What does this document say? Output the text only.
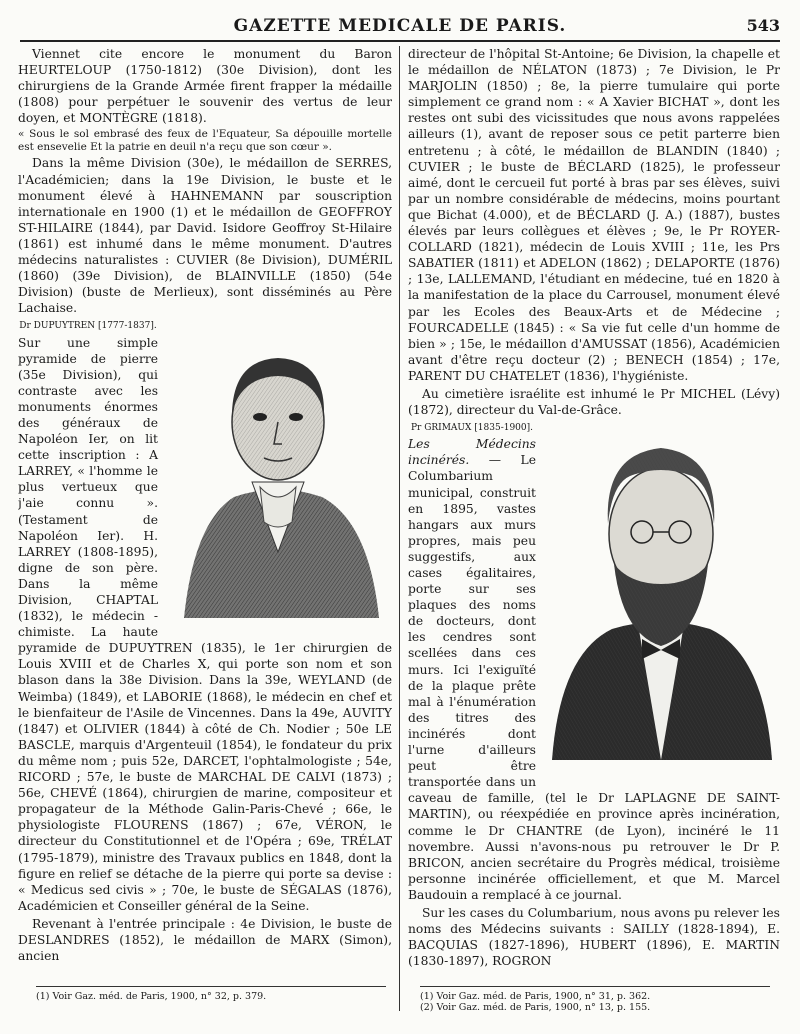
GAZETTE MEDICALE DE PARIS.	543

Viennet cite encore le monument du Baron HEURTELOUP (1750-1812) (30e Division), dont les chirurgiens de la Grande Armée firent frapper la médaille (1808) pour perpétuer le souvenir des vertus de leur doyen, et MONTÈGRE (1818).

« Sous le sol embrasé des feux de l'Equateur, Sa dépouille mortelle est ensevelie Et la patrie en deuil n'a reçu que son cœur ».

Dans la même Division (30e), le médaillon de SERRES, l'Académicien; dans la 19e Division, le buste et le monument élevé à HAHNEMANN par souscription internationale en 1900 (1) et le médaillon de GEOFFROY ST-HILAIRE (1844), par David. Isidore Geoffroy St-Hilaire (1861) est inhumé dans le même monument. D'autres médecins naturalistes : CUVIER (8e Division), DUMÉRIL (1860) (39e Division), de BLAINVILLE (1850) (54e Division) (buste de Merlieux), sont disséminés au Père Lachaise.

Dr DUPUYTREN [1777-1837].
Sur une simple pyramide de pierre (35e Division), qui contraste avec les monuments énormes des généraux de Napoléon Ier, on lit cette inscription : A LARREY, « l'homme le plus vertueux que j'aie connu ». (Testament de Napoléon Ier). H. LARREY (1808-1895), digne de son père. Dans la même Division, CHAPTAL (1832), le médecin - chimiste. La haute pyramide de DUPUYTREN (1835), le 1er chirurgien de Louis XVIII et de Charles X, qui porte son nom et son blason dans la 38e Division. Dans la 39e, WEYLAND (de Weimba) (1849), et LABORIE (1868), le médecin en chef et le bienfaiteur de l'Asile de Vincennes. Dans la 49e, AUVITY (1847) et OLIVIER (1844) à côté de Ch. Nodier ; 50e LE BASCLE, marquis d'Argenteuil (1854), le fondateur du prix du même nom ; puis 52e, DARCET, l'ophtalmologiste ; 54e, RICORD ; 57e, le buste de MARCHAL DE CALVI (1873) ; 56e, CHEVÉ (1864), chirurgien de marine, compositeur et propagateur de la Méthode Galin-Paris-Chevé ; 66e, le physiologiste FLOURENS (1867) ; 67e, VÉRON, le directeur du Constitutionnel et de l'Opéra ; 69e, TRÉLAT (1795-1879), ministre des Travaux publics en 1848, dont la figure en relief se détache de la pierre qui porte sa devise : « Medicus sed civis » ; 70e, le buste de SÉGALAS (1876), Académicien et Conseiller général de la Seine.

Revenant à l'entrée principale : 4e Division, le buste de DESLANDRES (1852), le médaillon de MARX (Simon), ancien

directeur de l'hôpital St-Antoine; 6e Division, la chapelle et le médaillon de NÉLATON (1873) ; 7e Division, le Pr MARJOLIN (1850) ; 8e, la pierre tumulaire qui porte simplement ce grand nom : « A Xavier BICHAT », dont les restes ont subi des vicissitudes que nous avons rappelées ailleurs (1), avant de reposer sous ce petit parterre bien entretenu ; à côté, le médaillon de BLANDIN (1840) ; CUVIER ; le buste de BÉCLARD (1825), le professeur aimé, dont le cercueil fut porté à bras par ses élèves, suivi par un nombre considérable de médecins, moins pourtant que Bichat (4.000), et de BÉCLARD (J. A.) (1887), bustes élevés par leurs collègues et élèves ; 9e, le Pr ROYER-COLLARD (1821), médecin de Louis XVIII ; 11e, les Prs SABATIER (1811) et ADELON (1862) ; DELAPORTE (1876) ; 13e, LALLEMAND, l'étudiant en médecine, tué en 1820 à la manifestation de la place du Carrousel, monument élevé par les Ecoles des Beaux-Arts et de Médecine ; FOURCADELLE (1845) : « Sa vie fut celle d'un homme de bien » ; 15e, le médaillon d'AMUSSAT (1856), Académicien avant d'être reçu docteur (2) ; BENECH (1854) ; 17e, PARENT DU CHATELET (1836), l'hygiéniste.

Au cimetière israélite est inhumé le Pr MICHEL (Lévy) (1872), directeur du Val-de-Grâce.

Pr GRIMAUX [1835-1900].
Les Médecins incinérés. — Le Columbarium municipal, construit en 1895, vastes hangars aux murs propres, mais peu suggestifs, aux cases égalitaires, porte sur ses plaques des noms de docteurs, dont les cendres sont scellées dans ces murs. Ici l'exiguïté de la plaque prête mal à l'énumération des titres des incinérés dont l'urne d'ailleurs peut être transportée dans un caveau de famille, (tel le Dr LAPLAGNE DE SAINT-MARTIN), ou réexpédiée en province après incinération, comme le Dr CHANTRE (de Lyon), incinéré le 11 novembre. Aussi n'avons-nous pu retrouver le Dr P. BRICON, ancien secrétaire du Progrès médical, troisième personne incinérée officiellement, et que M. Marcel Baudouin a remplacé à ce journal.

Sur les cases du Columbarium, nous avons pu relever les noms des Médecins suivants : SAILLY (1828-1894), E. BACQUIAS (1827-1896), HUBERT (1896), E. MARTIN (1830-1897), ROGRON

(1) Voir Gaz. méd. de Paris, 1900, n° 32, p. 379.	(1) Voir Gaz. méd. de Paris, 1900, n° 31, p. 362.
(2) Voir Gaz. méd. de Paris, 1900, n° 13, p. 155.
